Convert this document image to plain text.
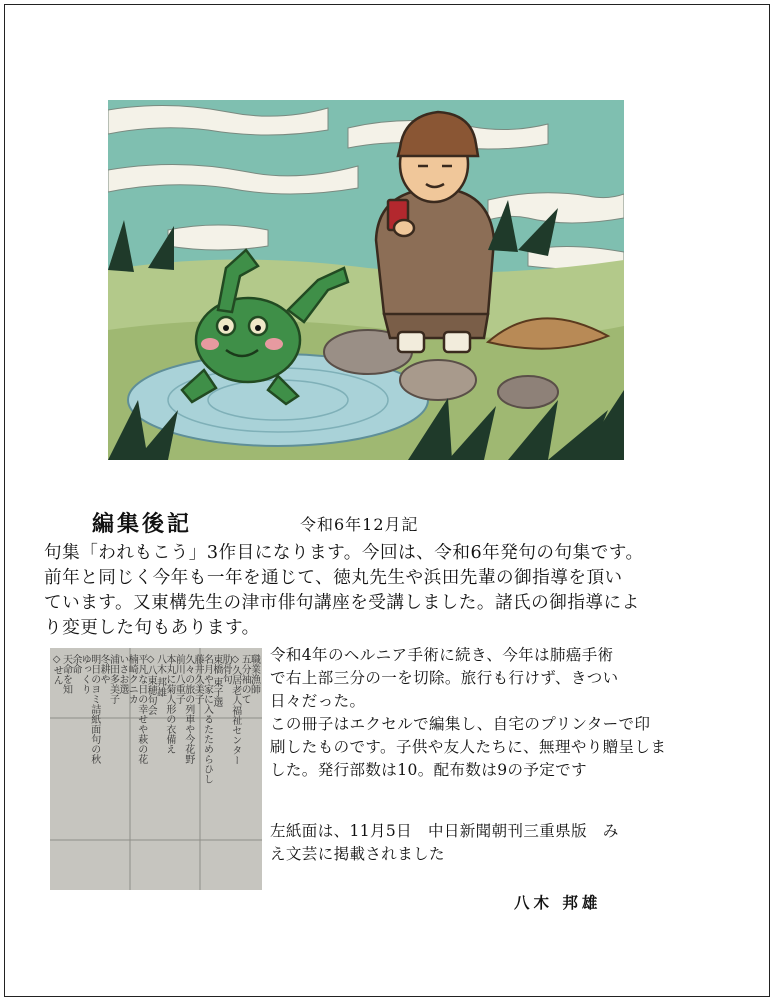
編集後記	令和6年12月記

句集「われもこう」3作目になります。今回は、令和6年発句の句集です。

前年と同じく今年も一年を通じて、徳丸先生や浜田先輩の御指導を頂い

ています。又東構先生の津市俳句講座を受講しました。諸氏の御指導によ

り変更した句もあります。

職業漁師
五分袖のて
◇久居老人福祉センター
肋骨句
東橋 東子選
名月や家に入るたためらひし
藤井久美子
久々の旅の列車や今花野
前川八重子
本丸に菊人形の衣備え
八木 邦雄
◇八東穂句会
平凡な日の幸せや萩の花
楠崎クニカ
いさお選
浦田多美子
冬耕や
明日のヨミ詰紙面句の秋
ゆっくり
余命
天命を知
◇せん	令和4年のヘルニア手術に続き、今年は肺癌手術

で右上部三分の一を切除。旅行も行けず、きつい

日々だった。

この冊子はエクセルで編集し、自宅のプリンターで印

刷したものです。子供や友人たちに、無理やり贈呈しま

した。発行部数は10。配布数は9の予定です

左紙面は、11月5日　中日新聞朝刊三重県版　み

え文芸に掲載されました

八木 邦雄
